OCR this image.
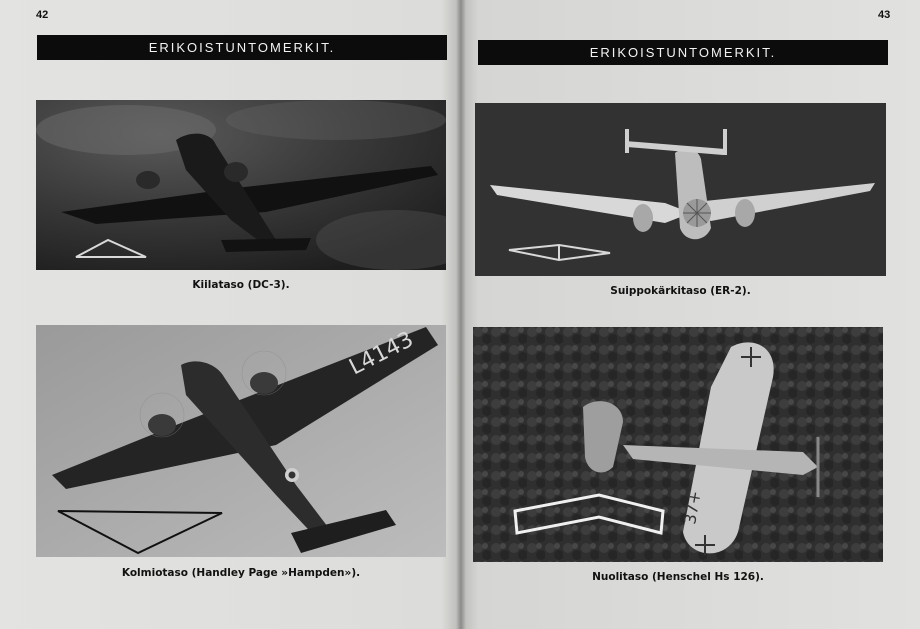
42
ERIKOISTUNTOMERKIT.
Kiilataso (DC-3).
L4143
Kolmiotaso (Handley Page »Hampden»).
43
ERIKOISTUNTOMERKIT.
Suippokärkitaso (ER-2).
37+
Nuolitaso (Henschel Hs 126).
